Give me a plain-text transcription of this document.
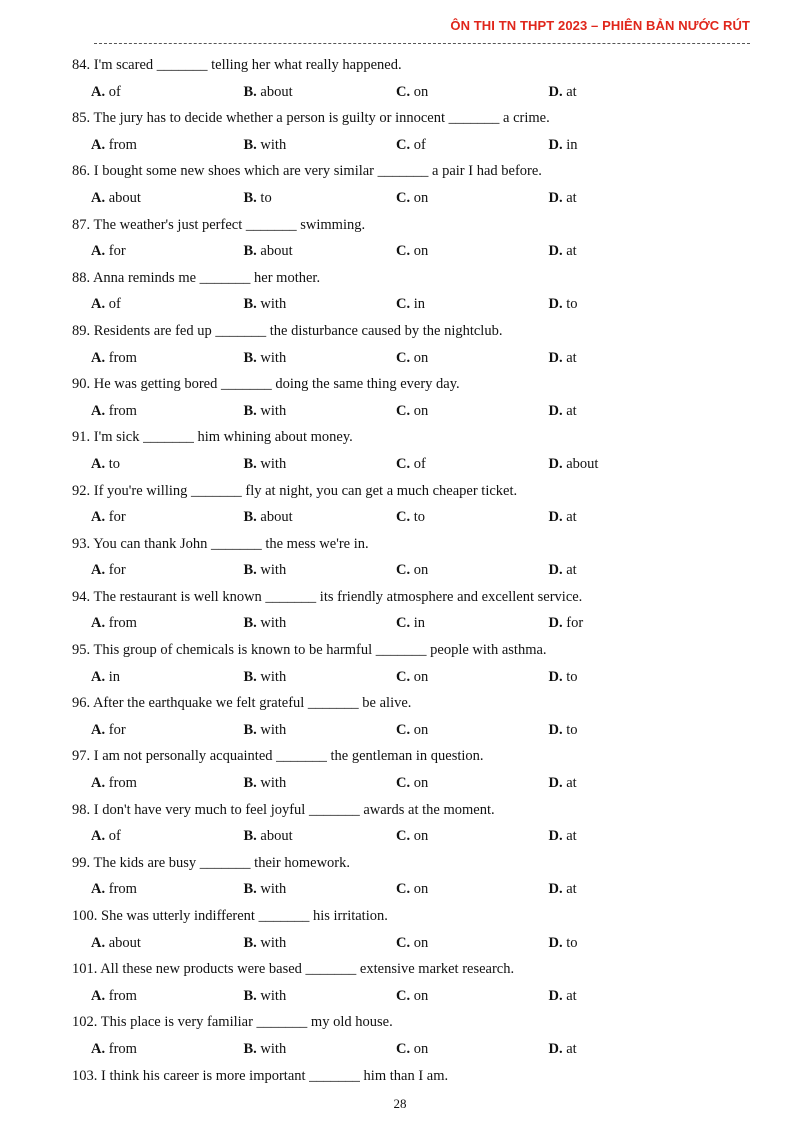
ÔN THI TN THPT 2023 – PHIÊN BẢN NƯỚC RÚT
84. I'm scared _______ telling her what really happened.
A. of	B. about	C. on	D. at
85. The jury has to decide whether a person is guilty or innocent _______ a crime.
A. from	B. with	C. of	D. in
86. I bought some new shoes which are very similar _______ a pair I had before.
A. about	B. to	C. on	D. at
87. The weather's just perfect _______ swimming.
A. for	B. about	C. on	D. at
88. Anna reminds me _______ her mother.
A. of	B. with	C. in	D. to
89. Residents are fed up _______ the disturbance caused by the nightclub.
A. from	B. with	C. on	D. at
90. He was getting bored _______ doing the same thing every day.
A. from	B. with	C. on	D. at
91. I'm sick _______ him whining about money.
A. to	B. with	C. of	D. about
92. If you're willing _______ fly at night, you can get a much cheaper ticket.
A. for	B. about	C. to	D. at
93. You can thank John _______ the mess we're in.
A. for	B. with	C. on	D. at
94. The restaurant is well known _______ its friendly atmosphere and excellent service.
A. from	B. with	C. in	D. for
95. This group of chemicals is known to be harmful _______ people with asthma.
A. in	B. with	C. on	D. to
96. After the earthquake we felt grateful _______ be alive.
A. for	B. with	C. on	D. to
97. I am not personally acquainted _______ the gentleman in question.
A. from	B. with	C. on	D. at
98. I don't have very much to feel joyful _______ awards at the moment.
A. of	B. about	C. on	D. at
99. The kids are busy _______ their homework.
A. from	B. with	C. on	D. at
100. She was utterly indifferent _______ his irritation.
A. about	B. with	C. on	D. to
101. All these new products were based _______ extensive market research.
A. from	B. with	C. on	D. at
102. This place is very familiar _______ my old house.
A. from	B. with	C. on	D. at
103. I think his career is more important _______ him than I am.
28
